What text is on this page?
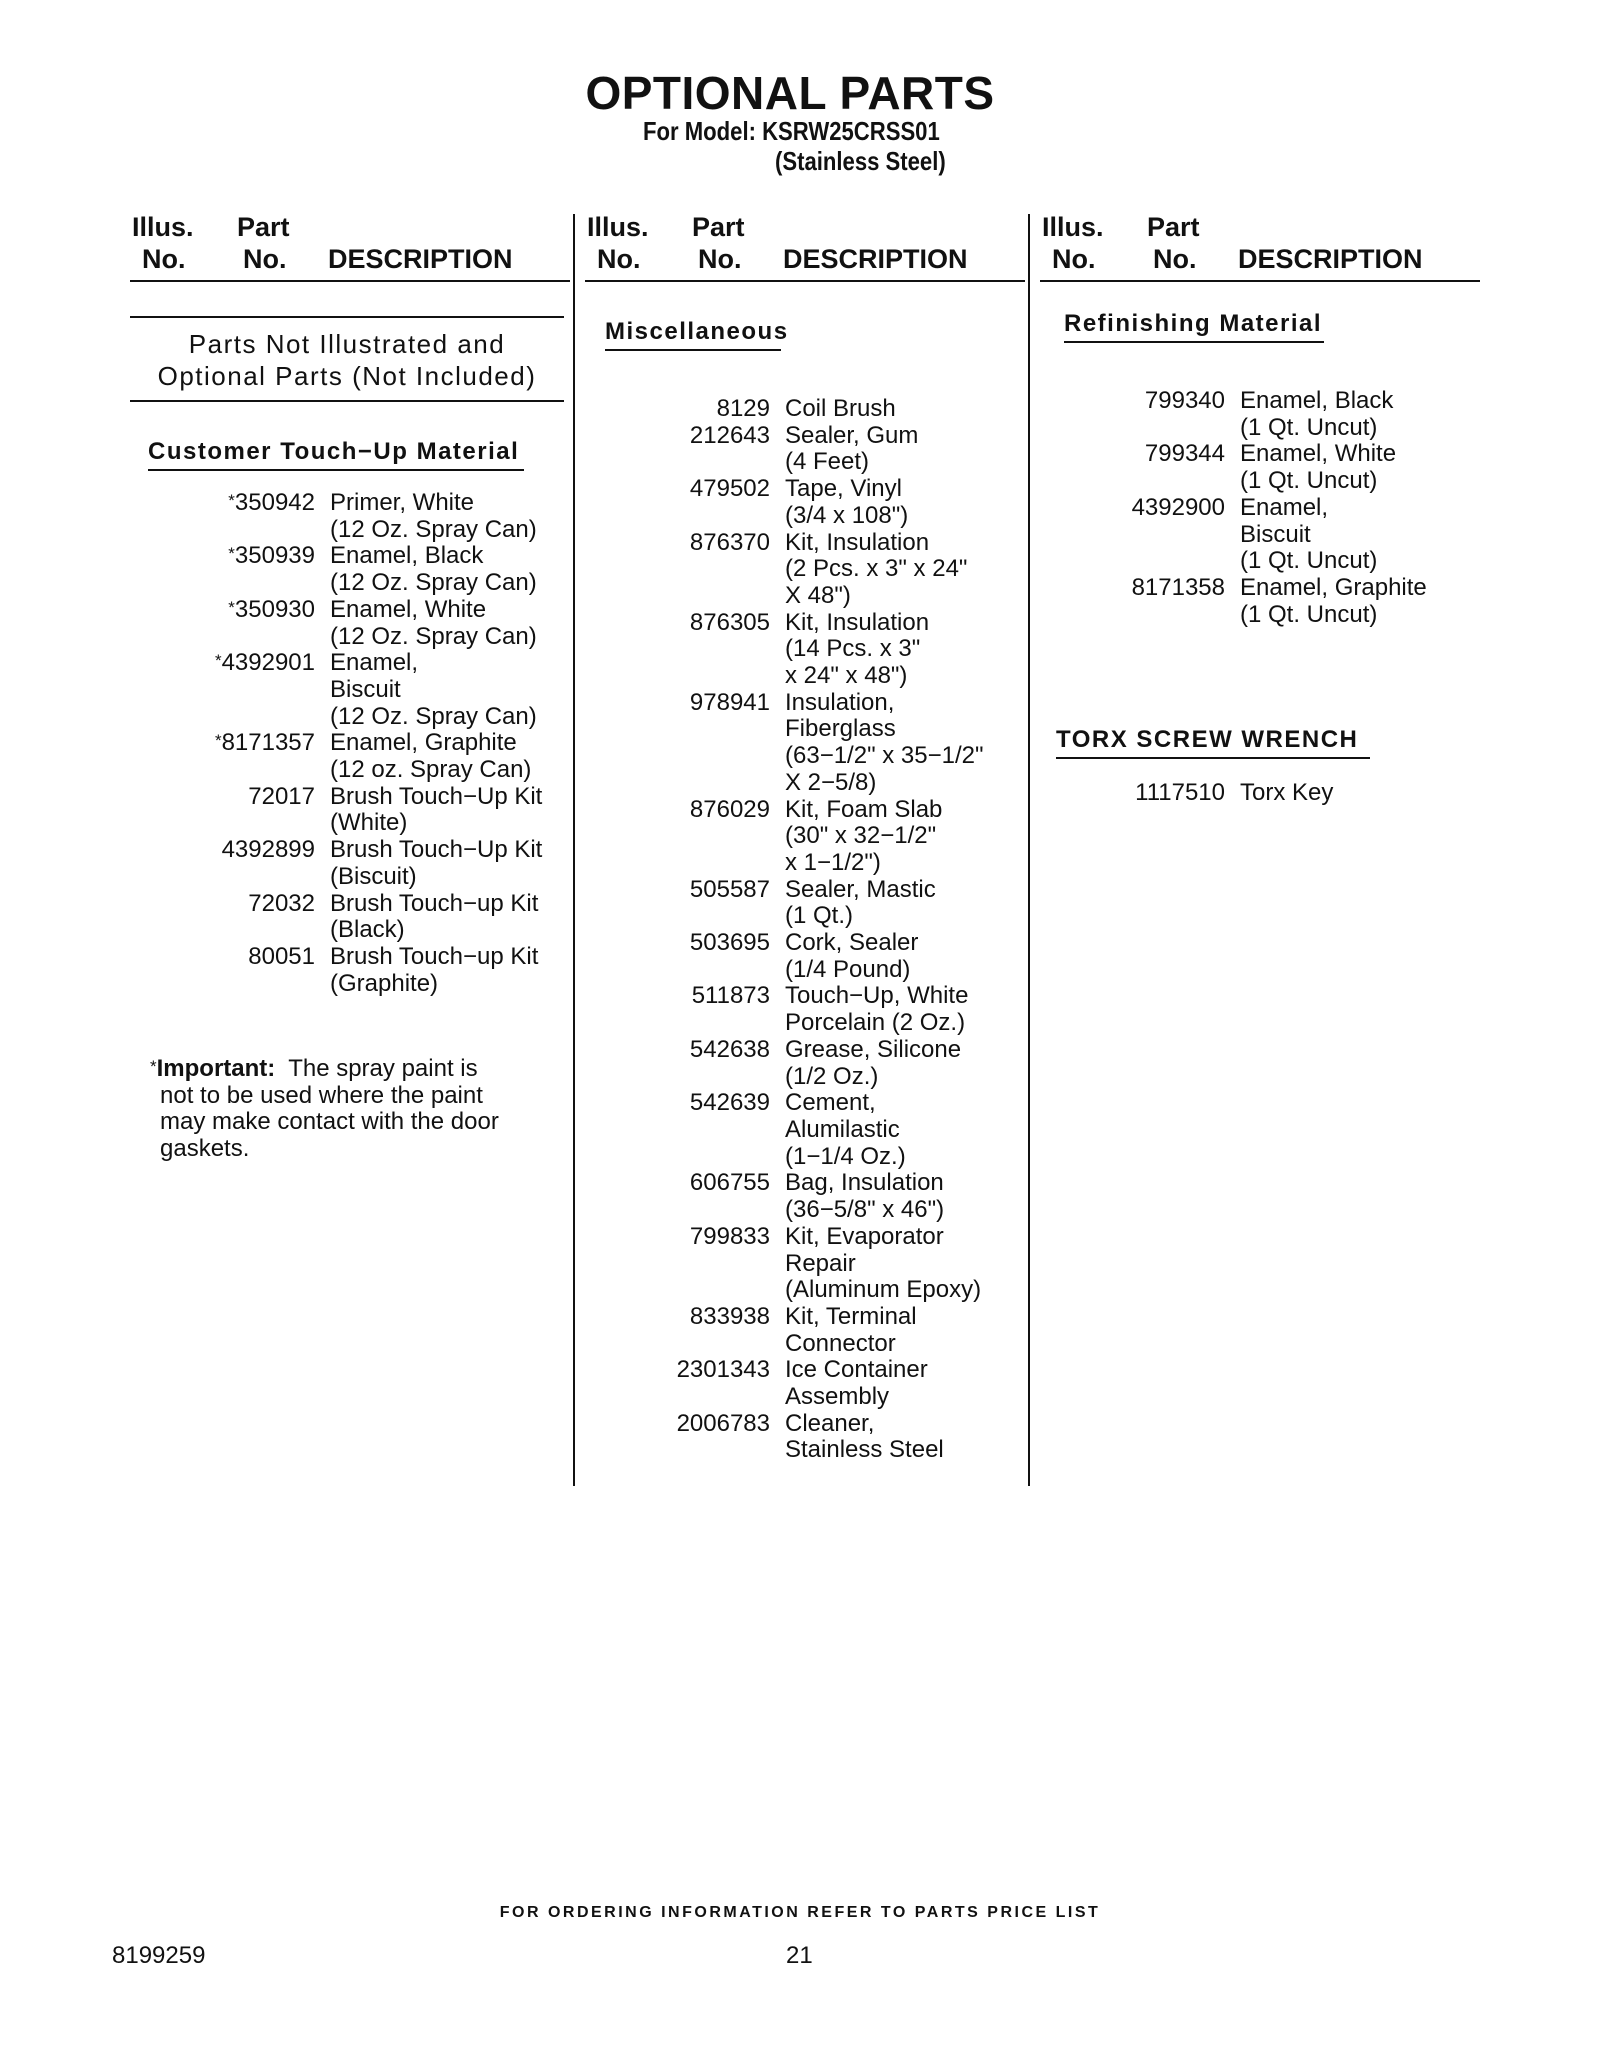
OPTIONAL PARTS
For Model: KSRW25CRSS01
(Stainless Steel)
Illus.
No.
Part
No. DESCRIPTION
Parts Not Illustrated and
Optional Parts (Not Included)
Customer Touch−Up Material
*350942 Primer, White
(12 Oz. Spray Can)
*350939 Enamel, Black
(12 Oz. Spray Can)
*350930 Enamel, White
(12 Oz. Spray Can)
*4392901 Enamel,
Biscuit
(12 Oz. Spray Can)
*8171357 Enamel, Graphite
(12 oz. Spray Can)
72017 Brush Touch−Up Kit
(White)
4392899 Brush Touch−Up Kit
(Biscuit)
72032 Brush Touch−up Kit
(Black)
80051 Brush Touch−up Kit
(Graphite)
*Important: The spray paint is
not to be used where the paint
may make contact with the door
gaskets.
Illus.
No.
Part
No. DESCRIPTION
Miscellaneous
8129 Coil Brush
212643 Sealer, Gum
(4 Feet)
479502 Tape, Vinyl
(3/4 x 108")
876370 Kit, Insulation
(2 Pcs. x 3" x 24"
X 48")
876305 Kit, Insulation
(14 Pcs. x 3"
x 24" x 48")
978941 Insulation,
Fiberglass
(63−1/2" x 35−1/2"
X 2−5/8)
876029 Kit, Foam Slab
(30" x 32−1/2"
x 1−1/2")
505587 Sealer, Mastic
(1 Qt.)
503695 Cork, Sealer
(1/4 Pound)
511873 Touch−Up, White
Porcelain (2 Oz.)
542638 Grease, Silicone
(1/2 Oz.)
542639 Cement,
Alumilastic
(1−1/4 Oz.)
606755 Bag, Insulation
(36−5/8" x 46")
799833 Kit, Evaporator
Repair
(Aluminum Epoxy)
833938 Kit, Terminal
Connector
2301343 Ice Container
Assembly
2006783 Cleaner,
Stainless Steel
Illus.
No.
Part
No. DESCRIPTION
Refinishing Material
799340 Enamel, Black
(1 Qt. Uncut)
799344 Enamel, White
(1 Qt. Uncut)
4392900 Enamel,
Biscuit
(1 Qt. Uncut)
8171358 Enamel, Graphite
(1 Qt. Uncut)
TORX SCREW WRENCH
1117510 Torx Key
FOR ORDERING INFORMATION REFER TO PARTS PRICE LIST
8199259	21
